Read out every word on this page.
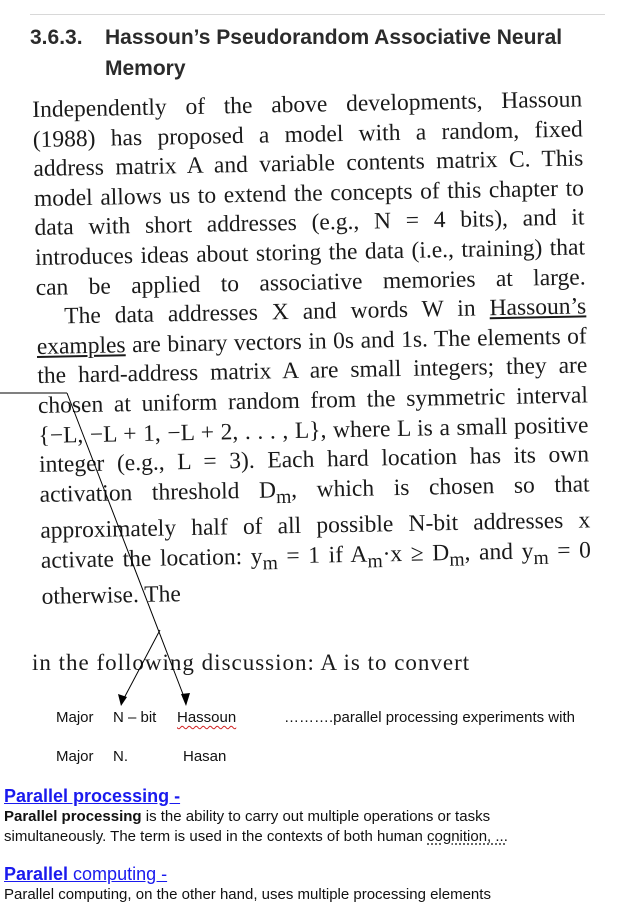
3.6.3. Hassoun’s Pseudorandom Associative Neural Memory

Independently of the above developments, Hassoun (1988) has proposed a model with a random, fixed address matrix A and variable contents matrix C. This model allows us to extend the concepts of this chapter to data with short addresses (e.g., N = 4 bits), and it introduces ideas about storing the data (i.e., training) that can be applied to associative memories at large.

The data addresses X and words W in Hassoun’s examples are binary vectors in 0s and 1s. The elements of the hard-address matrix A are small integers; they are chosen at uniform random from the symmetric interval {−L, −L + 1, −L + 2, . . . , L}, where L is a small positive integer (e.g., L = 3). Each hard location has its own activation threshold $D_m$, which is chosen so that approximately half of all possible N-bit addresses x activate the location: $y_m = 1$ if $A_m\cdot x \ge D_m$, and $y_m = 0$ otherwise. The

in the following discussion: A is to convert
Major N – bit Hassoun	……….parallel processing experiments with
Major N.	Hasan
Parallel processing -
Parallel processing is the ability to carry out multiple operations or tasks
simultaneously. The term is used in the contexts of both human cognition, ...
Parallel computing -
Parallel computing, on the other hand, uses multiple processing elements
